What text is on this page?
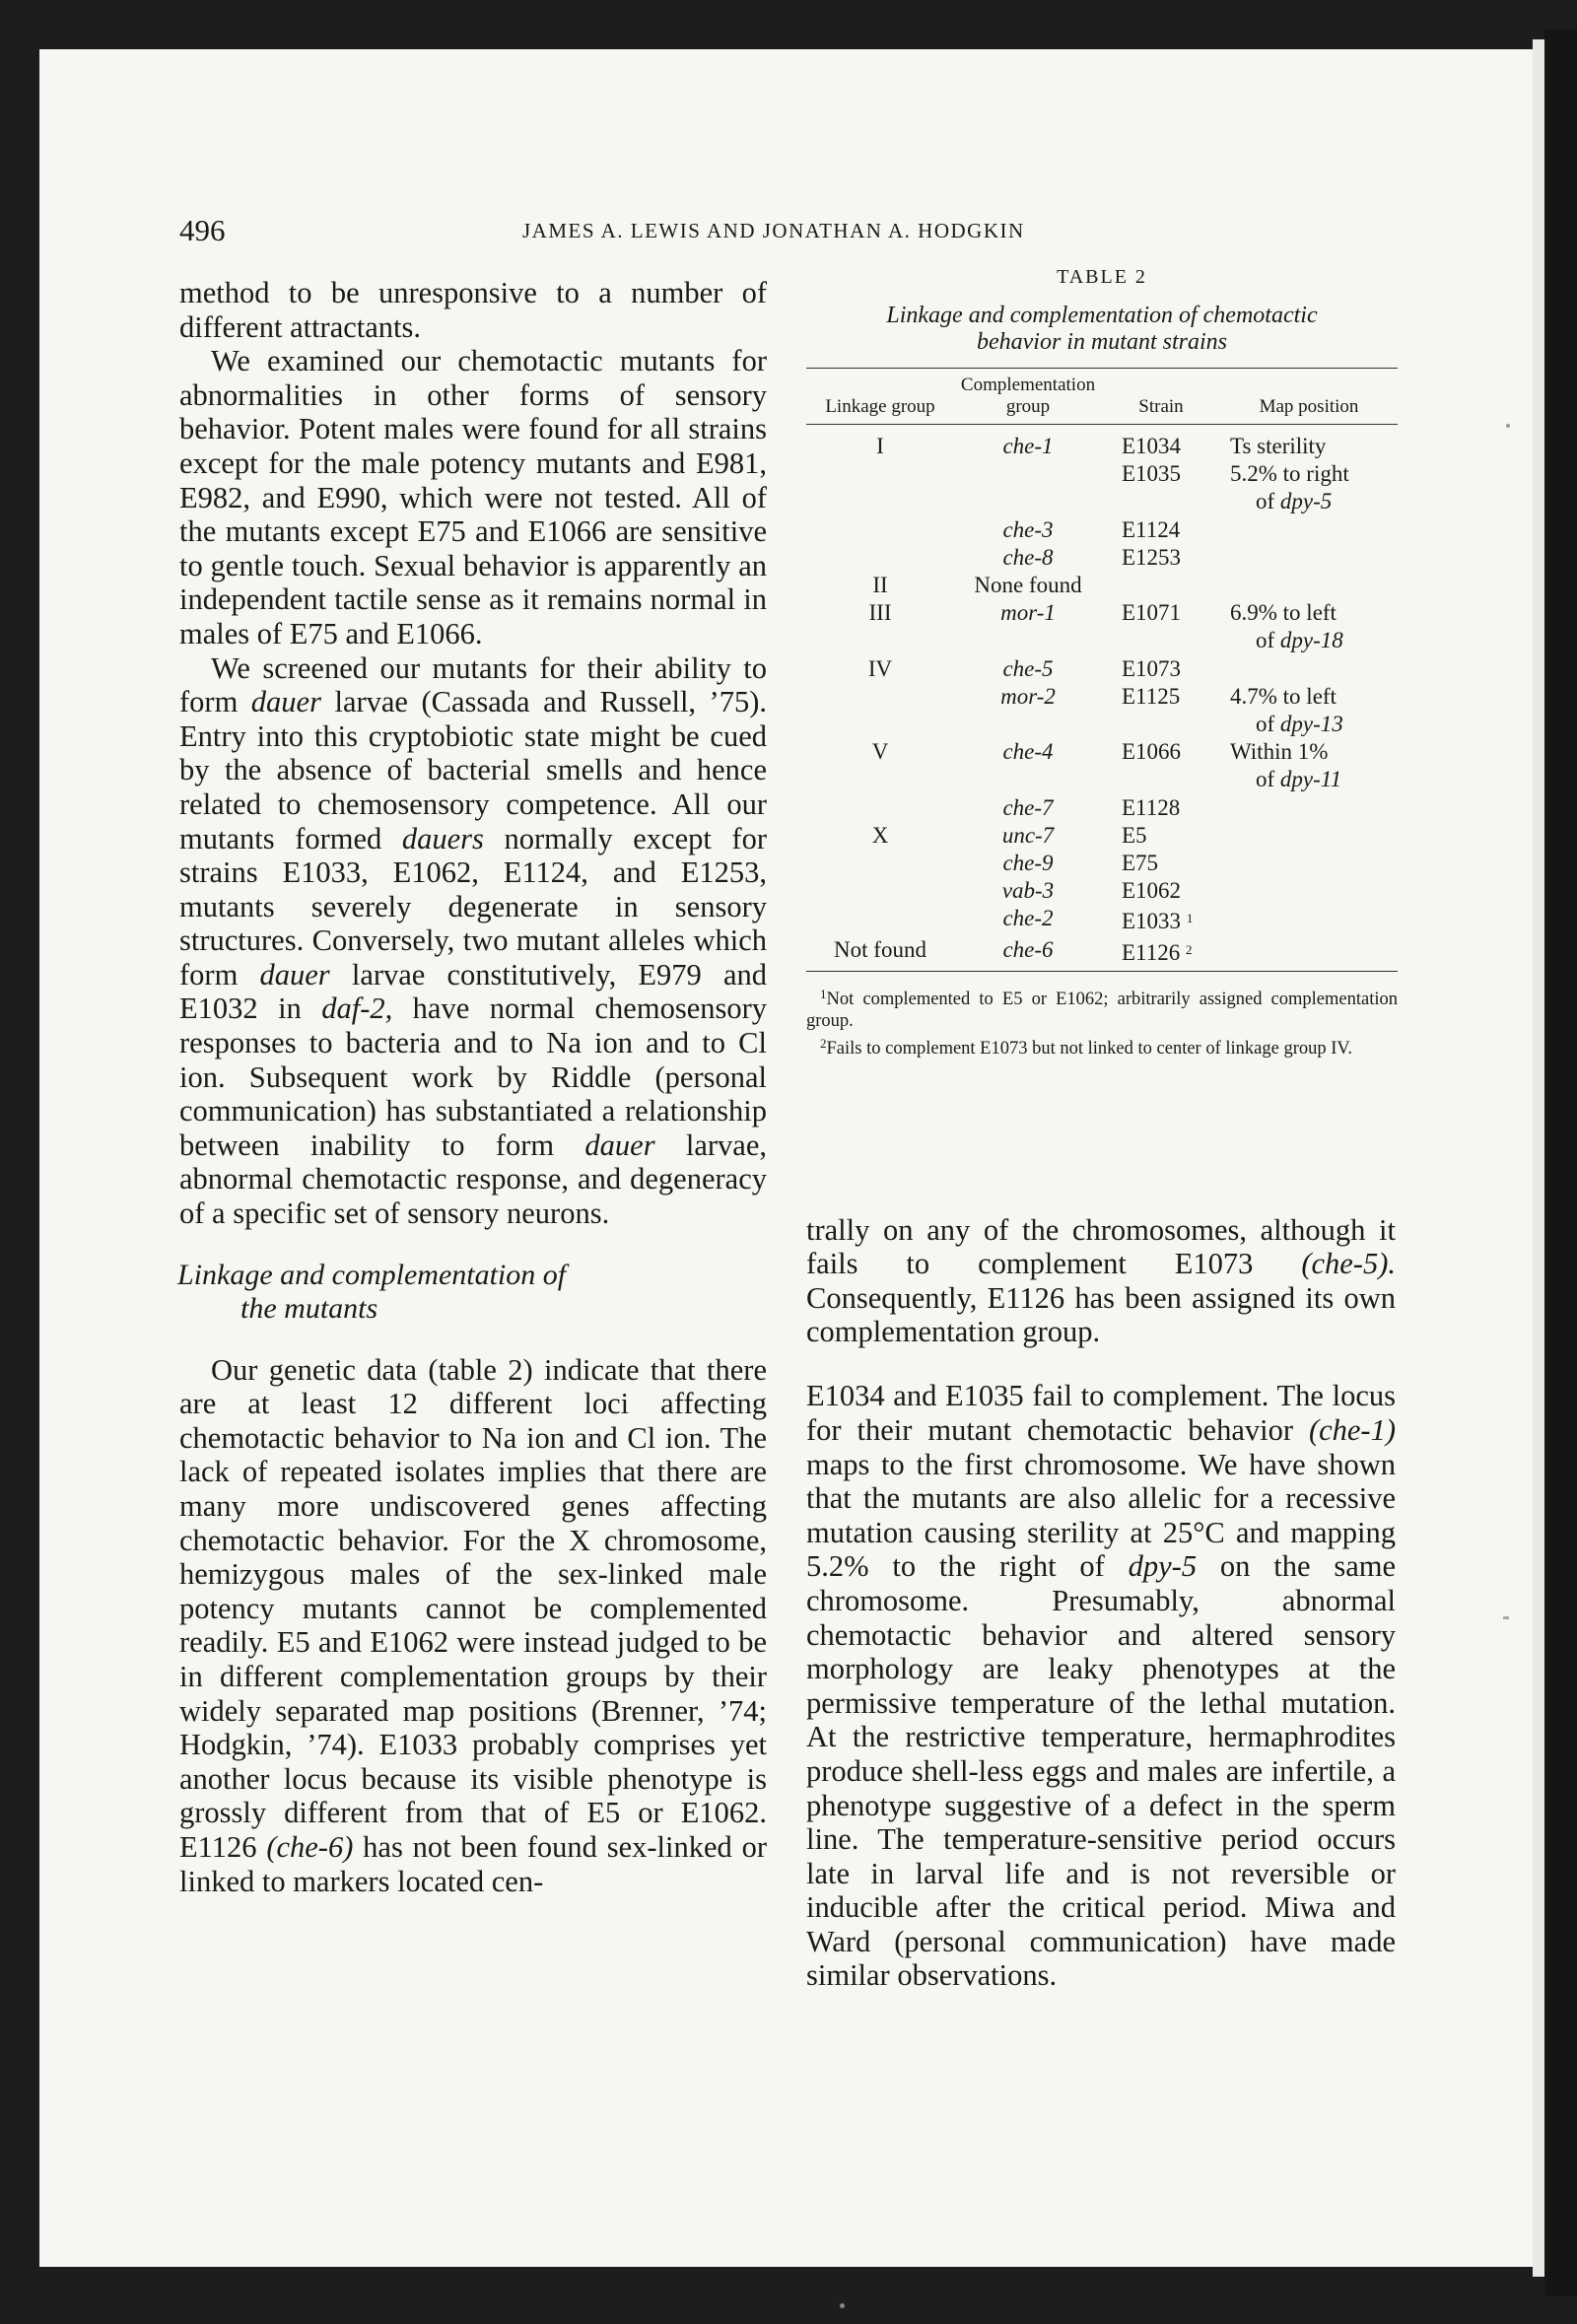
496	JAMES A. LEWIS AND JONATHAN A. HODGKIN

method to be unresponsive to a number of different attractants.

We examined our chemotactic mutants for abnormalities in other forms of sensory behavior. Potent males were found for all strains except for the male potency mutants and E981, E982, and E990, which were not tested. All of the mutants except E75 and E1066 are sensitive to gentle touch. Sexual behavior is apparently an independent tactile sense as it remains normal in males of E75 and E1066.

We screened our mutants for their ability to form dauer larvae (Cassada and Russell, ’75). Entry into this cryptobiotic state might be cued by the absence of bacterial smells and hence related to chemosensory competence. All our mutants formed dauers normally except for strains E1033, E1062, E1124, and E1253, mutants severely degenerate in sensory structures. Conversely, two mutant alleles which form dauer larvae constitutively, E979 and E1032 in daf-2, have normal chemosensory responses to bacteria and to Na ion and to Cl ion. Subsequent work by Riddle (personal communication) has substantiated a relationship between inability to form dauer larvae, abnormal chemotactic response, and degeneracy of a specific set of sensory neurons.

Linkage and complementation of
the mutants

Our genetic data (table 2) indicate that there are at least 12 different loci affecting chemotactic behavior to Na ion and Cl ion. The lack of repeated isolates implies that there are many more undiscovered genes affecting chemotactic behavior. For the X chromosome, hemizygous males of the sex-linked male potency mutants cannot be complemented readily. E5 and E1062 were instead judged to be in different complementation groups by their widely separated map positions (Brenner, ’74; Hodgkin, ’74). E1033 probably comprises yet another locus because its visible phenotype is grossly different from that of E5 or E1062. E1126 (che-6) has not been found sex-linked or linked to markers located cen-

TABLE 2
Linkage and complementation of chemotactic
behavior in mutant strains
Linkage group	Complementation group	Strain	Map position
I	che-1	E1034	Ts sterility
		E1035	5.2% to right
of dpy-5

	che-3	E1124	
	che-8	E1253	
II	None found		
III	mor-1	E1071	6.9% to left
of dpy-18

IV	che-5	E1073	
	mor-2	E1125	4.7% to left
of dpy-13

V	che-4	E1066	Within 1%
of dpy-11

	che-7	E1128	
X	unc-7	E5	
	che-9	E75	
	vab-3	E1062	
	che-2	E1033 $^1$	
Not found	che-6	E1126 $^2$	

$^1$Not complemented to E5 or E1062; arbitrarily assigned complementation group.

$^2$Fails to complement E1073 but not linked to center of linkage group IV.

trally on any of the chromosomes, although it fails to complement E1073 (che-5). Consequently, E1126 has been assigned its own complementation group.

E1034 and E1035 fail to complement. The locus for their mutant chemotactic behavior (che-1) maps to the first chromosome. We have shown that the mutants are also allelic for a recessive mutation causing sterility at 25°C and mapping 5.2% to the right of dpy-5 on the same chromosome. Presumably, abnormal chemotactic behavior and altered sensory morphology are leaky phenotypes at the permissive temperature of the lethal mutation. At the restrictive temperature, hermaphrodites produce shell-less eggs and males are infertile, a phenotype suggestive of a defect in the sperm line. The temperature-sensitive period occurs late in larval life and is not reversible or inducible after the critical period. Miwa and Ward (personal communication) have made similar observations.
